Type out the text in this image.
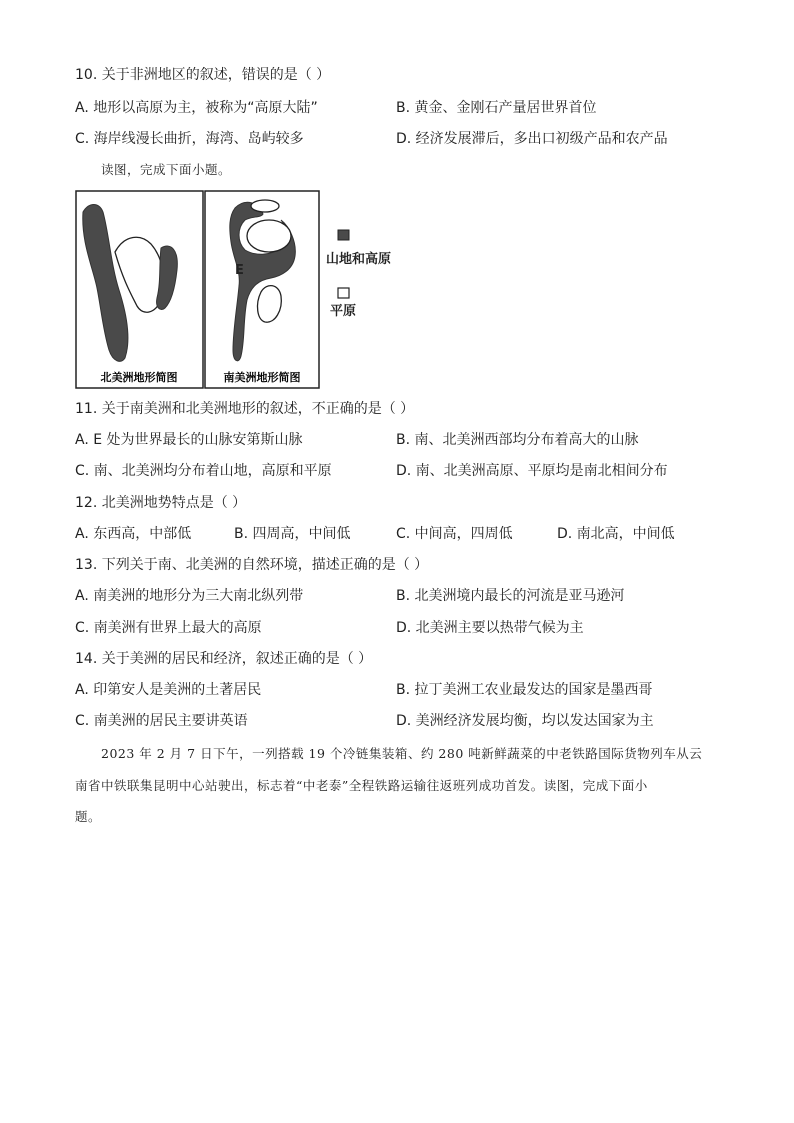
10. 关于非洲地区的叙述，错误的是（ ）
A. 地形以高原为主，被称为“高原大陆”	B. 黄金、金刚石产量居世界首位
C. 海岸线漫长曲折，海湾、岛屿较多	D. 经济发展滞后，多出口初级产品和农产品
读图，完成下面小题。
北美洲地形简图
E
南美洲地形简图
山地和高原
平原
11. 关于南美洲和北美洲地形的叙述，不正确的是（ ）
A. E 处为世界最长的山脉安第斯山脉	B. 南、北美洲西部均分布着高大的山脉
C. 南、北美洲均分布着山地，高原和平原	D. 南、北美洲高原、平原均是南北相间分布
12. 北美洲地势特点是（ ）
A. 东西高，中部低	B. 四周高，中间低	C. 中间高，四周低	D. 南北高，中间低
13. 下列关于南、北美洲的自然环境，描述正确的是（ ）
A. 南美洲的地形分为三大南北纵列带	B. 北美洲境内最长的河流是亚马逊河
C. 南美洲有世界上最大的高原	D. 北美洲主要以热带气候为主
14. 关于美洲的居民和经济，叙述正确的是（ ）
A. 印第安人是美洲的土著居民	B. 拉丁美洲工农业最发达的国家是墨西哥
C. 南美洲的居民主要讲英语	D. 美洲经济发展均衡，均以发达国家为主
2023 年 2 月 7 日下午，一列搭载 19 个冷链集装箱、约 280 吨新鲜蔬菜的中老铁路国际货物列车从云
南省中铁联集昆明中心站驶出，标志着“中老泰”全程铁路运输往返班列成功首发。读图，完成下面小
题。
